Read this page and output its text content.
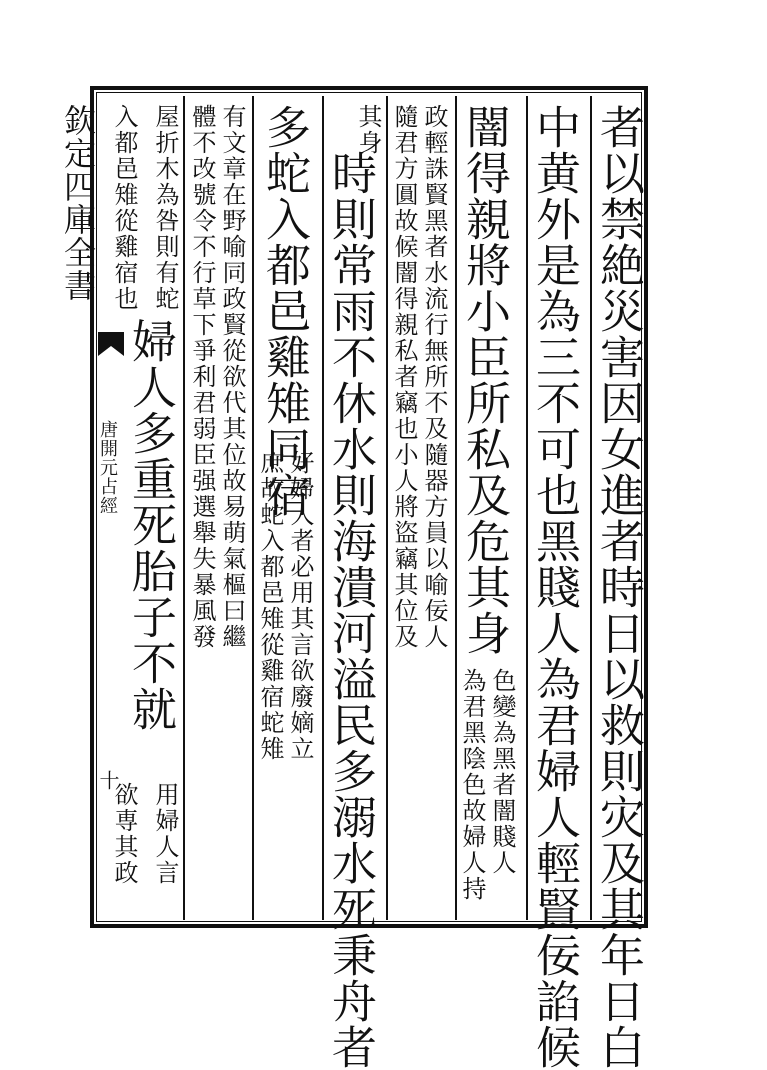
欽定四庫全書
唐開元占經
十	者以禁絶災害因女進者時日以救則灾及其年日白
中黄外是為三不可也黑賤人為君婦人輕賢佞諂候
闇得親將小臣所私及危其身
色變為黑者闇賤人
為君黑陰色故婦人持
政輕誅賢黑者水流行無所不及隨器方員以喻佞人
隨君方圓故候闇得親私者竊也小人將盜竊其位及
其身
時則常雨不休水則海潰河溢民多溺水死秉舟者
多蛇入都邑雞雉同宿
好婦人者必用其言欲廢嫡立
庶故蛇入都邑雉從雞宿蛇雉
有文章在野喻同政賢從欲代其位故易萌氣樞曰繼
體不改號令不行草下爭利君弱臣强選舉失暴風發
屋折木為咎則有蛇
婦人多重死胎子不就
用婦人言
入都邑雉從雞宿也
欲専其政
